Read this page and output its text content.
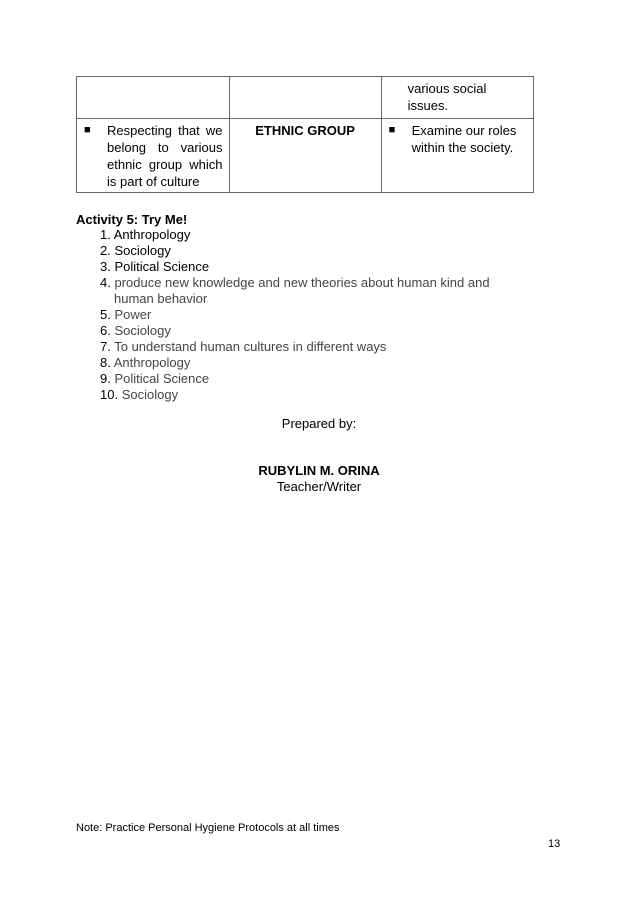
		various social issues.

■ Respecting that we belong to various ethnic group which is part of culture	ETHNIC GROUP	■ Examine our roles within the society.
Activity 5: Try Me!
1. Anthropology
2. Sociology
3. Political Science
4. produce new knowledge and new theories about human kind and
human behavior
5. Power
6. Sociology
7. To understand human cultures in different ways
8. Anthropology
9. Political Science
10. Sociology
Prepared by:
RUBYLIN M. ORINA
Teacher/Writer
Note: Practice Personal Hygiene Protocols at all times
13
